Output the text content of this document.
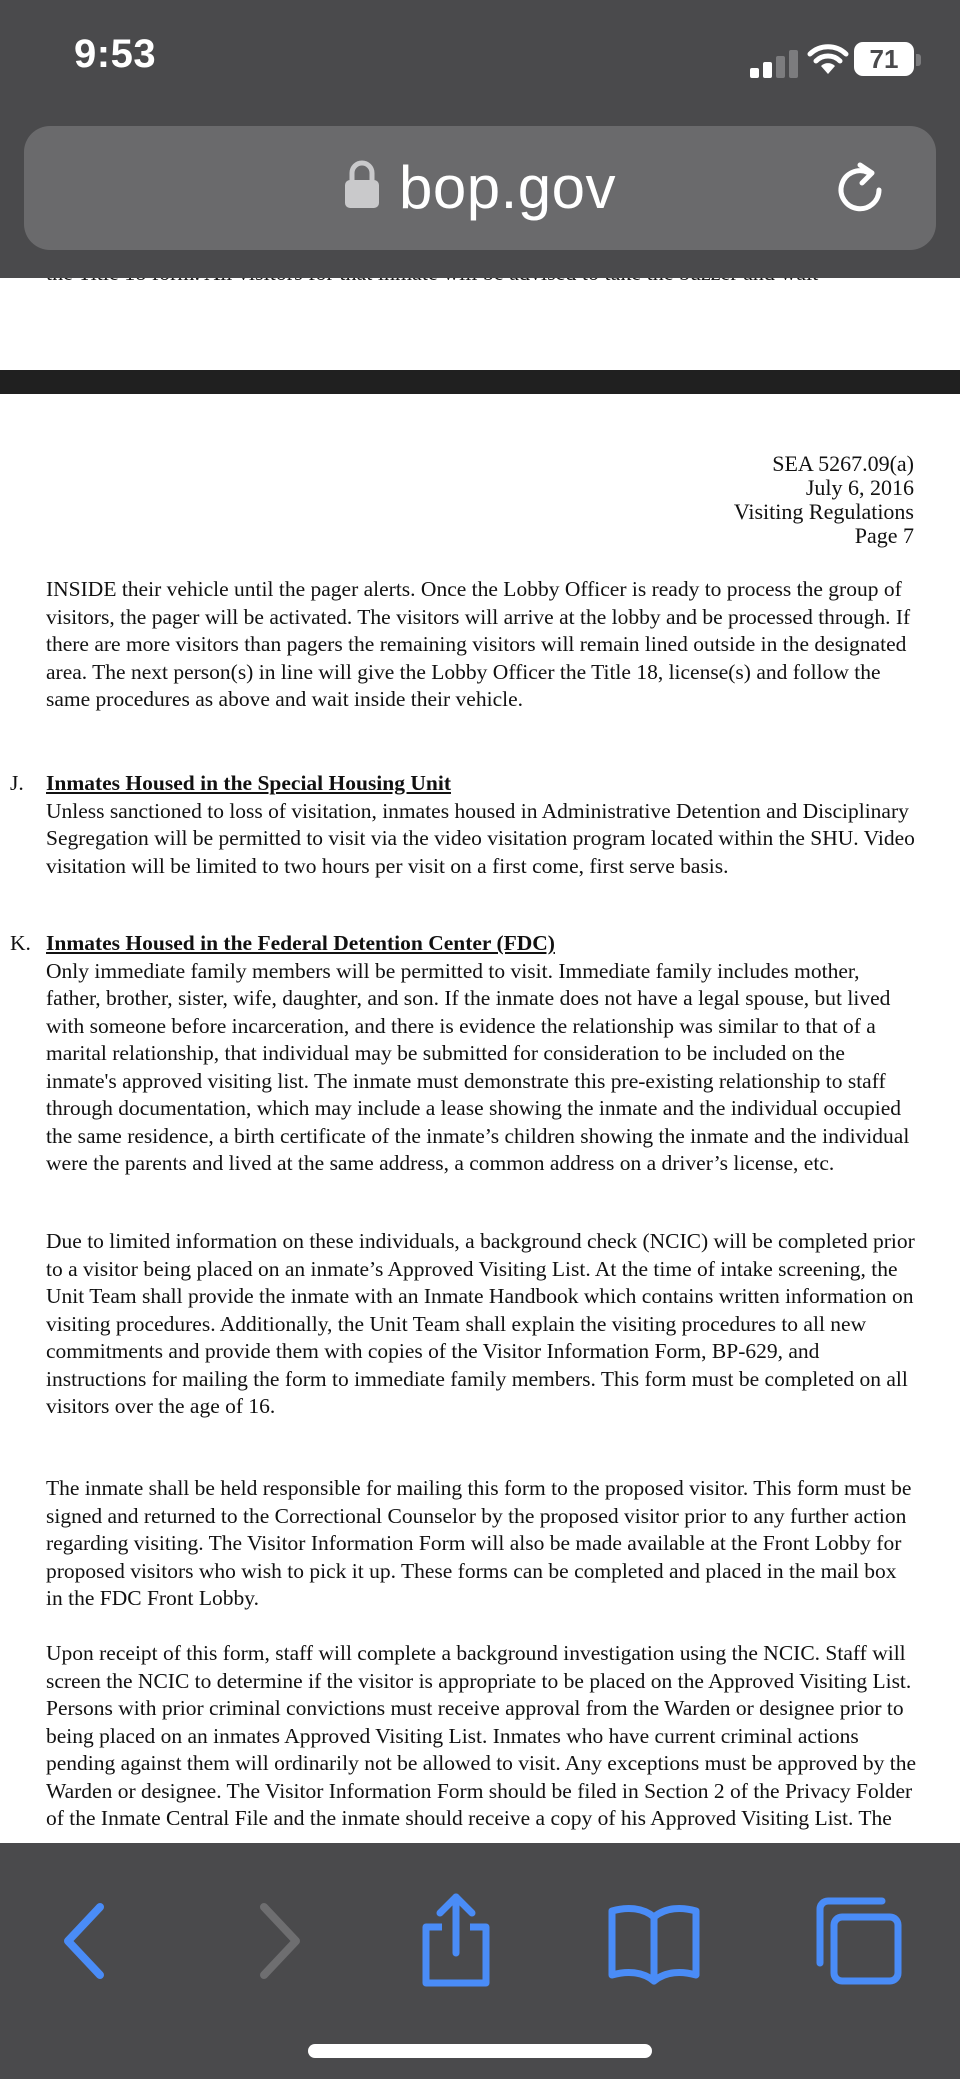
9:53	71
bop.gov
SEA 5267.09(a)
July 6, 2016
Visiting Regulations
Page 7

INSIDE their vehicle until the pager alerts. Once the Lobby Officer is ready to process the group of visitors, the pager will be activated. The visitors will arrive at the lobby and be processed through. If there are more visitors than pagers the remaining visitors will remain lined outside in the designated area. The next person(s) in line will give the Lobby Officer the Title 18, license(s) and follow the same procedures as above and wait inside their vehicle.

J. Inmates Housed in the Special Housing Unit
Unless sanctioned to loss of visitation, inmates housed in Administrative Detention and Disciplinary Segregation will be permitted to visit via the video visitation program located within the SHU. Video visitation will be limited to two hours per visit on a first come, first serve basis.
K. Inmates Housed in the Federal Detention Center (FDC)
Only immediate family members will be permitted to visit. Immediate family includes mother, father, brother, sister, wife, daughter, and son. If the inmate does not have a legal spouse, but lived with someone before incarceration, and there is evidence the relationship was similar to that of a marital relationship, that individual may be submitted for consideration to be included on the inmate's approved visiting list. The inmate must demonstrate this pre-existing relationship to staff through documentation, which may include a lease showing the inmate and the individual occupied the same residence, a birth certificate of the inmate’s children showing the inmate and the individual were the parents and lived at the same address, a common address on a driver’s license, etc.

Due to limited information on these individuals, a background check (NCIC) will be completed prior to a visitor being placed on an inmate’s Approved Visiting List. At the time of intake screening, the Unit Team shall provide the inmate with an Inmate Handbook which contains written information on visiting procedures. Additionally, the Unit Team shall explain the visiting procedures to all new commitments and provide them with copies of the Visitor Information Form, BP-629, and instructions for mailing the form to immediate family members. This form must be completed on all visitors over the age of 16.

The inmate shall be held responsible for mailing this form to the proposed visitor. This form must be signed and returned to the Correctional Counselor by the proposed visitor prior to any further action regarding visiting. The Visitor Information Form will also be made available at the Front Lobby for proposed visitors who wish to pick it up. These forms can be completed and placed in the mail box in the FDC Front Lobby.

Upon receipt of this form, staff will complete a background investigation using the NCIC. Staff will screen the NCIC to determine if the visitor is appropriate to be placed on the Approved Visiting List. Persons with prior criminal convictions must receive approval from the Warden or designee prior to being placed on an inmates Approved Visiting List. Inmates who have current criminal actions pending against them will ordinarily not be allowed to visit. Any exceptions must be approved by the Warden or designee. The Visitor Information Form should be filed in Section 2 of the Privacy Folder of the Inmate Central File and the inmate should receive a copy of his Approved Visiting List. The
